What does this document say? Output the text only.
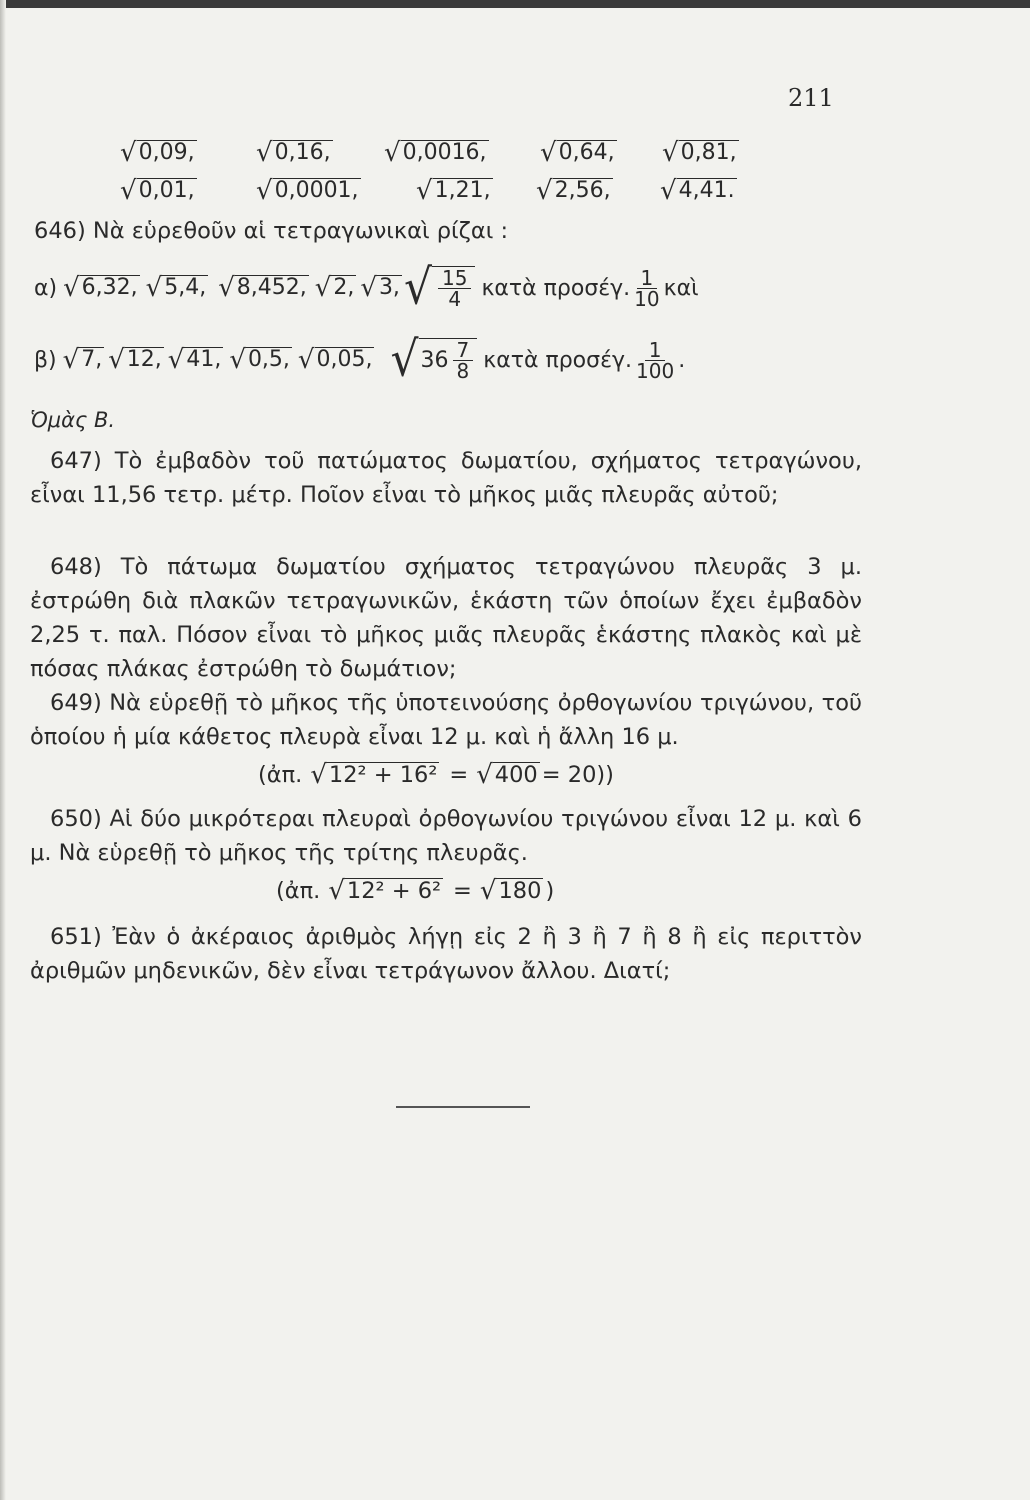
211
√ 0,09, √ 0,16, √ 0,0016, √ 0,64, √ 0,81,
√ 0,01, √ 0,0001, √ 1,21, √ 2,56, √ 4,41.
646) Νὰ εὑρεθοῦν αἱ τετραγωνικαὶ ρίζαι :
α) √ 6,32, √ 5,4, √ 8,452, √ 2, √ 3, √ $\frac{15}{4}$ κατὰ προσέγ. $\frac{1}{10}$ καὶ
β) √ 7, √ 12, √ 41, √ 0,5, √ 0,05, √ $36 \frac{7}{8}$ κατὰ προσέγ. $\frac{1}{100}$ .
Ὁμὰς Β.
647) Τὸ ἐμβαδὸν τοῦ πατώματος δωματίου, σχήματος τετραγώνου, εἶναι 11,56 τετρ. μέτρ. Ποῖον εἶναι τὸ μῆκος μιᾶς πλευρᾶς αὐτοῦ;
648) Τὸ πάτωμα δωματίου σχήματος τετραγώνου πλευρᾶς 3 μ. ἐστρώθη διὰ πλακῶν τετραγωνικῶν, ἑκάστη τῶν ὁποίων ἔχει ἐμβαδὸν 2,25 τ. παλ. Πόσον εἶναι τὸ μῆκος μιᾶς πλευρᾶς ἑκάστης πλακὸς καὶ μὲ πόσας πλάκας ἐστρώθη τὸ δωμάτιον;
649) Νὰ εὑρεθῇ τὸ μῆκος τῆς ὑποτεινούσης ὀρθογωνίου τριγώνου, τοῦ ὁποίου ἡ μία κάθετος πλευρὰ εἶναι 12 μ. καὶ ἡ ἄλλη 16 μ.
(ἀπ. √ 12² + 16² = √ 400 = 20))
650) Αἱ δύο μικρότεραι πλευραὶ ὀρθογωνίου τριγώνου εἶναι 12 μ. καὶ 6 μ. Νὰ εὑρεθῇ τὸ μῆκος τῆς τρίτης πλευρᾶς.
(ἀπ. √ 12² + 6² = √ 180 )
651) Ἐὰν ὁ ἀκέραιος ἀριθμὸς λήγῃ εἰς 2 ἢ 3 ἢ 7 ἢ 8 ἢ εἰς περιττὸν ἀριθμῶν μηδενικῶν, δὲν εἶναι τετράγωνον ἄλλου. Διατί;
